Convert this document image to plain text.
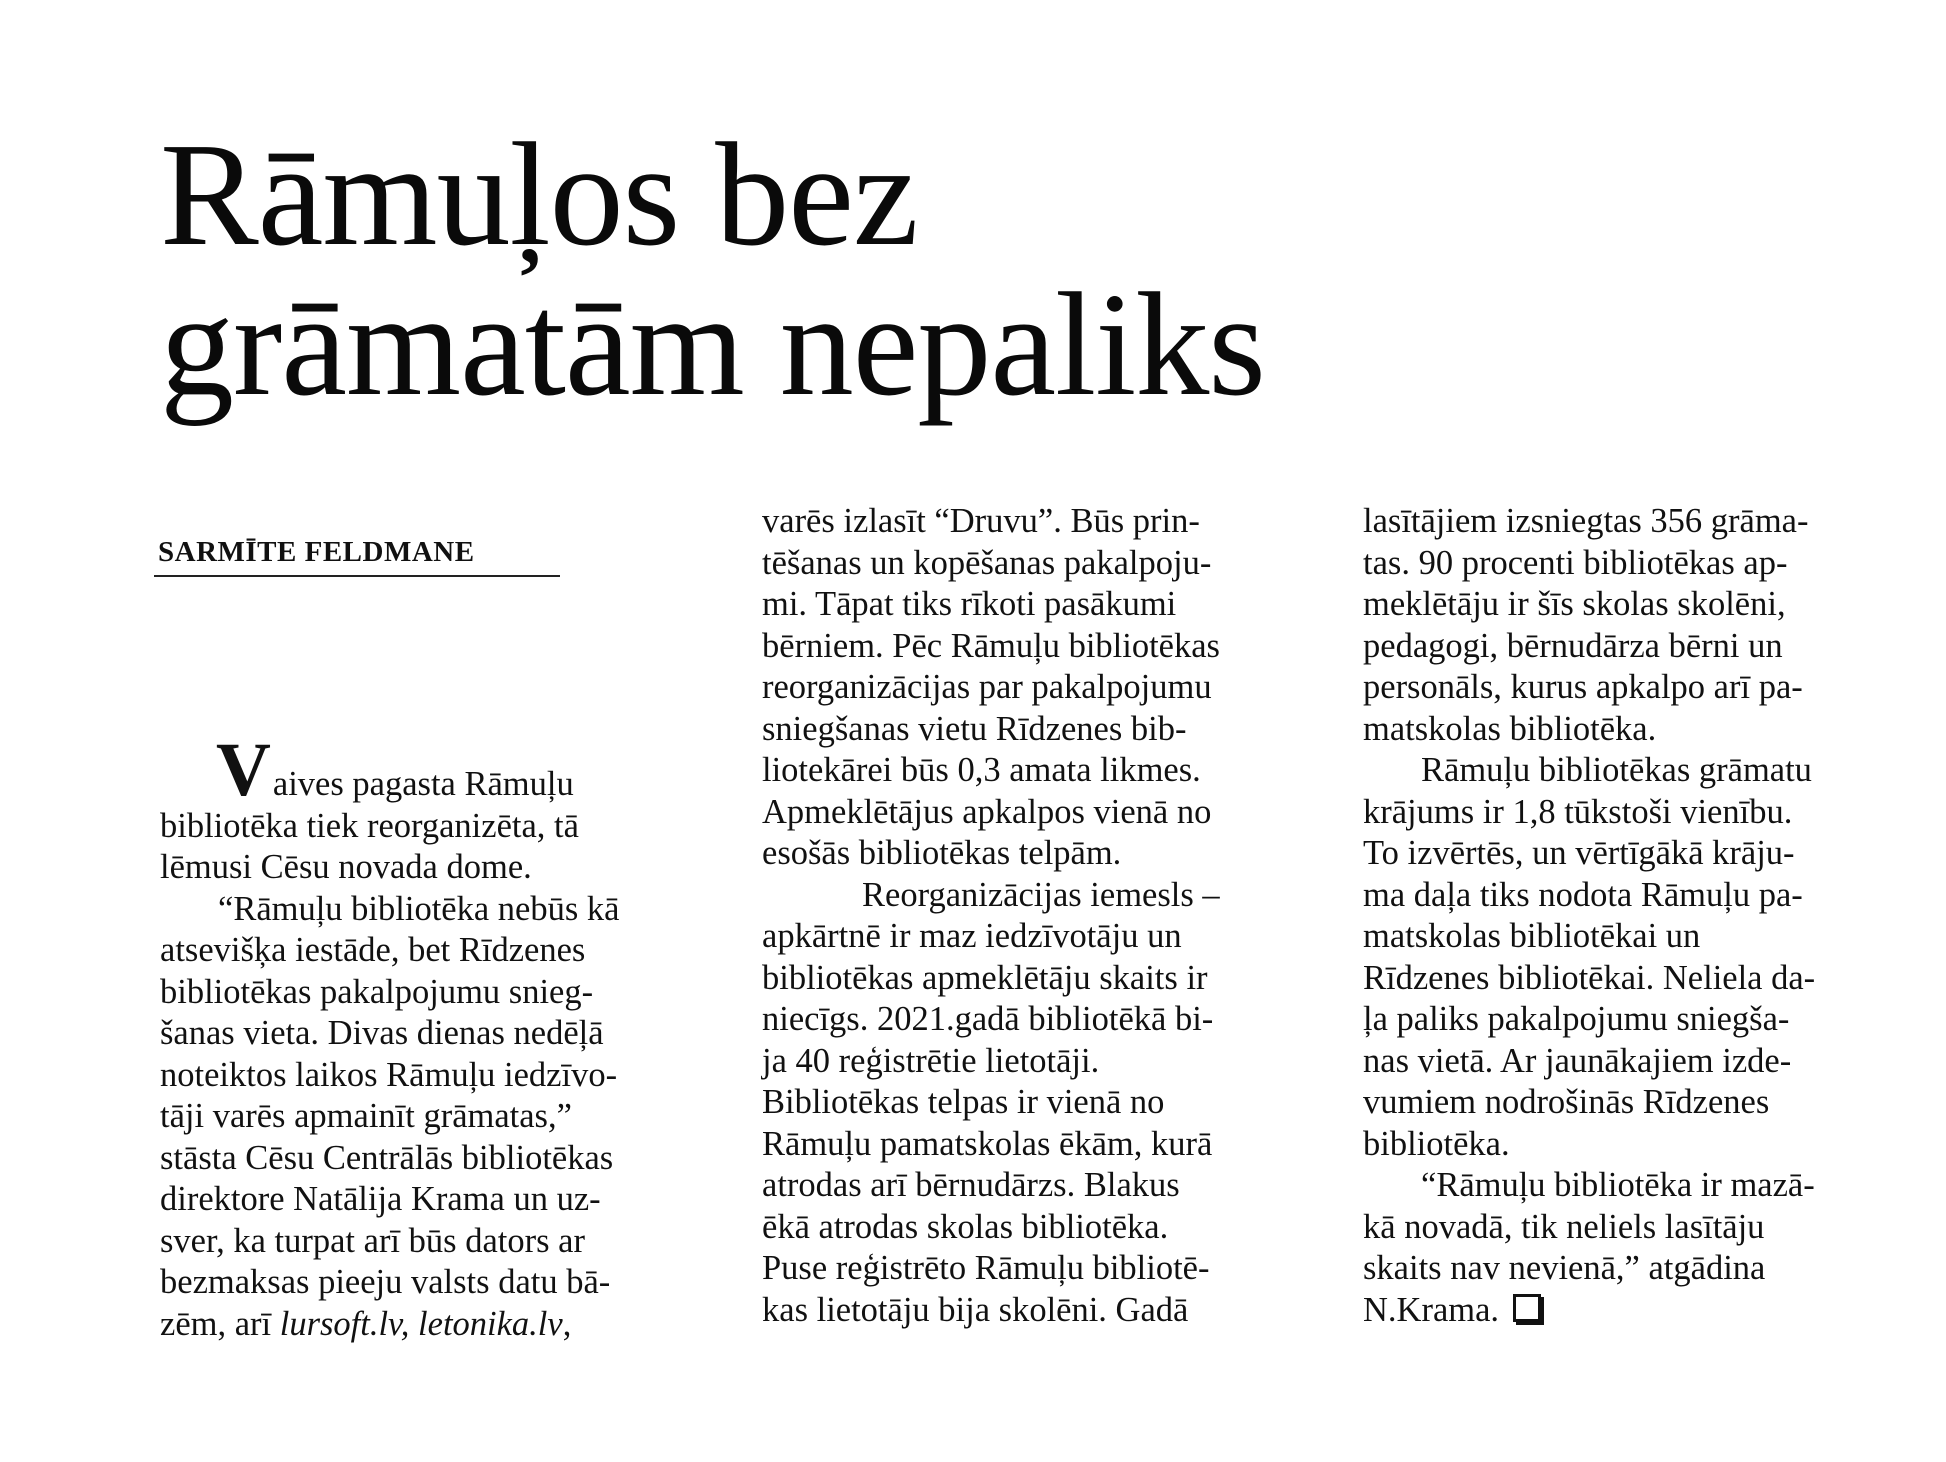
Rāmuļos bez
grāmatām nepaliks
SARMĪTE FELDMANE
Vaives pagasta Rāmuļu
bibliotēka tiek reorganizēta, tā
lēmusi Cēsu novada dome.
“Rāmuļu bibliotēka nebūs kā
atsevišķa iestāde, bet Rīdzenes
bibliotēkas pakalpojumu snieg-
šanas vieta. Divas dienas nedēļā
noteiktos laikos Rāmuļu iedzīvo-
tāji varēs apmainīt grāmatas,”
stāsta Cēsu Centrālās bibliotēkas
direktore Natālija Krama un uz-
sver, ka turpat arī būs dators ar
bezmaksas pieeju valsts datu bā-
zēm, arī lursoft.lv, letonika.lv,
varēs izlasīt “Druvu”. Būs prin-
tēšanas un kopēšanas pakalpoju-
mi. Tāpat tiks rīkoti pasākumi
bērniem. Pēc Rāmuļu bibliotēkas
reorganizācijas par pakalpojumu
sniegšanas vietu Rīdzenes bib-
liotekārei būs 0,3 amata likmes.
Apmeklētājus apkalpos vienā no
esošās bibliotēkas telpām.
Reorganizācijas iemesls –
apkārtnē ir maz iedzīvotāju un
bibliotēkas apmeklētāju skaits ir
niecīgs. 2021.gadā bibliotēkā bi-
ja 40 reģistrētie lietotāji.
Bibliotēkas telpas ir vienā no
Rāmuļu pamatskolas ēkām, kurā
atrodas arī bērnudārzs. Blakus
ēkā atrodas skolas bibliotēka.
Puse reģistrēto Rāmuļu bibliotē-
kas lietotāju bija skolēni. Gadā
lasītājiem izsniegtas 356 grāma-
tas. 90 procenti bibliotēkas ap-
meklētāju ir šīs skolas skolēni,
pedagogi, bērnudārza bērni un
personāls, kurus apkalpo arī pa-
matskolas bibliotēka.
Rāmuļu bibliotēkas grāmatu
krājums ir 1,8 tūkstoši vienību.
To izvērtēs, un vērtīgākā krāju-
ma daļa tiks nodota Rāmuļu pa-
matskolas bibliotēkai un
Rīdzenes bibliotēkai. Neliela da-
ļa paliks pakalpojumu sniegša-
nas vietā. Ar jaunākajiem izde-
vumiem nodrošinās Rīdzenes
bibliotēka.
“Rāmuļu bibliotēka ir mazā-
kā novadā, tik neliels lasītāju
skaits nav nevienā,” atgādina
N.Krama.
